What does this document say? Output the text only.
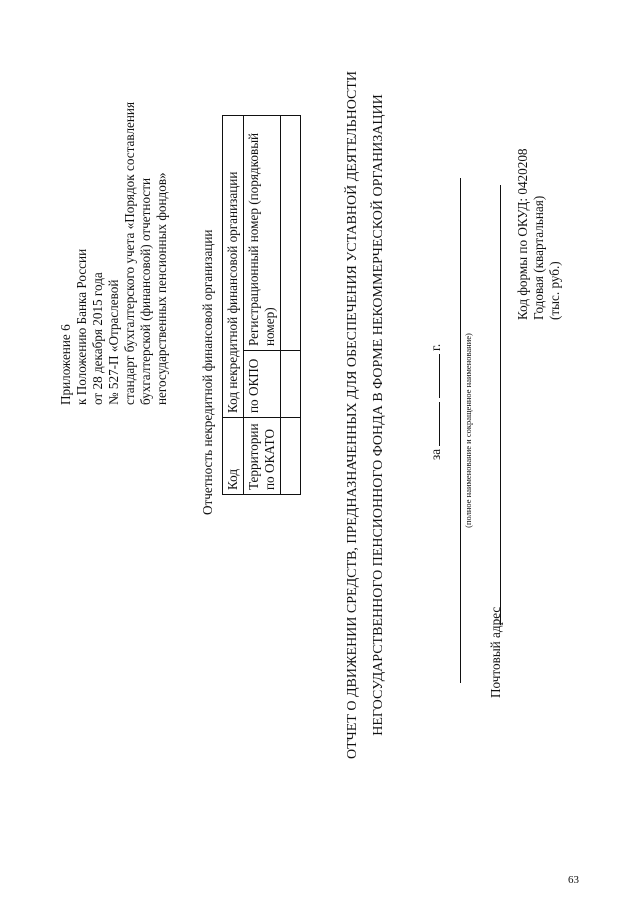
63
Приложение 6 к Положению Банка России от 28 декабря 2015 года № 527-П «Отраслевой стандарт бухгалтерского учета «Порядок составления бухгалтерской (финансовой) отчетности негосударственных пенсионных фондов» Отчетность некредитной финансовой организации Код	Код некредитной финансовой организации	
Территории по ОКАТО	по ОКПО	Регистрационный номер (порядковый номер)
			ОТЧЕТ О ДВИЖЕНИИ СРЕДСТВ, ПРЕДНАЗНАЧЕННЫХ ДЛЯ ОБЕСПЕЧЕНИЯ УСТАВНОЙ ДЕЯТЕЛЬНОСТИ НЕГОСУДАРСТВЕННОГО ПЕНСИОННОГО ФОНДА В ФОРМЕ НЕКОММЕРЧЕСКОЙ ОРГАНИЗАЦИИ	за   г. (полное наименование и сокращенное наименование)
Почтовый адрес
Код формы по ОКУД: 0420208 Годовая (квартальная) (тыс. руб.)
